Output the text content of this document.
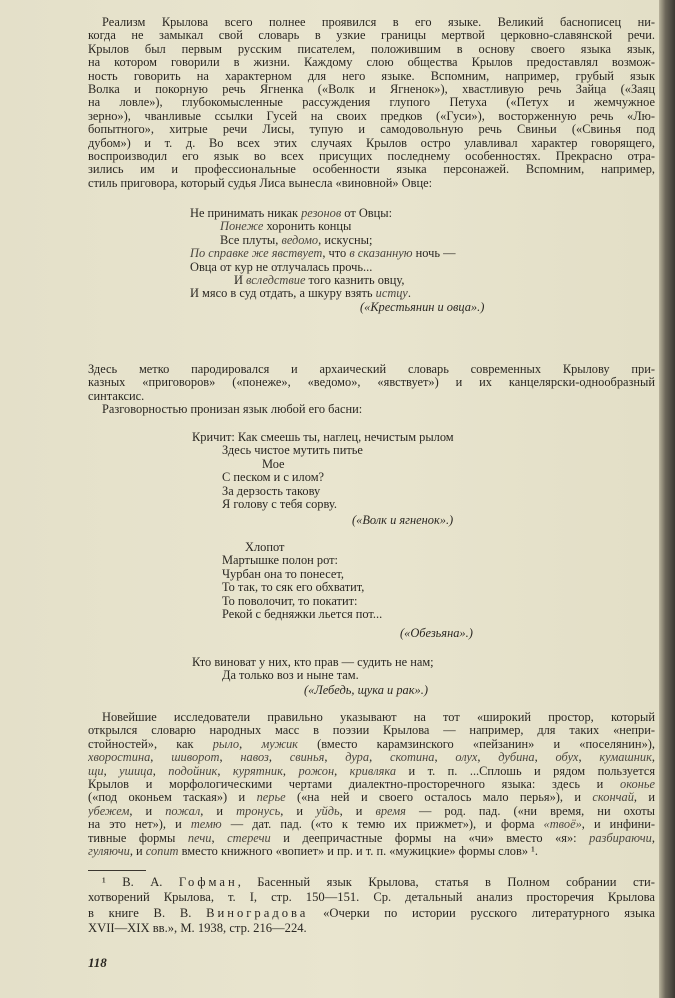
Реализм Крылова всего полнее проявился в его языке. Великий баснописец ни-
когда не замыкал свой словарь в узкие границы мертвой церковно-славянской речи.
Крылов был первым русским писателем, положившим в основу своего языка язык,
на котором говорили в жизни. Каждому слою общества Крылов предоставлял возмож-
ность говорить на характерном для него языке. Вспомним, например, грубый язык
Волка и покорную речь Ягненка («Волк и Ягненок»), хвастливую речь Зайца («Заяц
на ловле»), глубокомысленные рассуждения глупого Петуха («Петух и жемчужное
зерно»), чванливые ссылки Гусей на своих предков («Гуси»), восторженную речь «Лю-
бопытного», хитрые речи Лисы, тупую и самодовольную речь Свиньи («Свинья под
дубом») и т. д. Во всех этих случаях Крылов остро улавливал характер говорящего,
воспроизводил его язык во всех присущих последнему особенностях. Прекрасно отра-
зились им и профессиональные особенности языка персонажей. Вспомним, например,
стиль приговора, который судья Лиса вынесла «виновной» Овце:
Не принимать никак резонов от Овцы:
Понеже хоронить концы
Все плуты, ведомо, искусны;
По справке же явствует, что в сказанную ночь —
Овца от кур не отлучалась прочь...
И вследствие того казнить овцу,
И мясо в суд отдать, а шкуру взять истцу.
(«Крестьянин и овца».)
Здесь метко пародировался и архаический словарь современных Крылову при-
казных «приговоров» («понеже», «ведомо», «явствует») и их канцелярски-однообразный
синтаксис.
Разговорностью пронизан язык любой его басни:
Кричит: Как смеешь ты, наглец, нечистым рылом
Здесь чистое мутить питье
Мое
С песком и с илом?
За дерзость такову
Я голову с тебя сорву.
(«Волк и ягненок».)
Хлопот
Мартышке полон рот:
Чурбан она то понесет,
То так, то сяк его обхватит,
То поволочит, то покатит:
Рекой с бедняжки льется пот...
(«Обезьяна».)
Кто виноват у них, кто прав — судить не нам;
Да только воз и ныне там.
(«Лебедь, щука и рак».)
Новейшие исследователи правильно указывают на тот «широкий простор, который
открылся словарю народных масс в поэзии Крылова — например, для таких «непри-
стойностей», как рыло, мужик (вместо карамзинского «пейзанин» и «поселянин»),
хворостина, шиворот, навоз, свинья, дура, скотина, олух, дубина, обух, кумашник,
щи, ушица, подойник, курятник, рожон, кривляка и т. п. ...Сплошь и рядом пользуется
Крылов и морфологическими чертами диалектно-просторечного языка: здесь и оконье
(«под оконьем таская») и перье («на ней и своего осталось мало перья»), и скончай, и
убежем, и пожал, и тронусь, и уйдь, и время — род. пад. («ни время, ни охоты
на это нет»), и темю — дат. пад. («то к темю их прижмет»), и форма «твоё», и инфини-
тивные формы печи, стеречи и деепричастные формы на «чи» вместо «я»: разбираючи,
гуляючи, и сопит вместо книжного «вопиет» и пр. и т. п. «мужицкие» формы слов» ¹.
¹ В. А. Гофман, Басенный язык Крылова, статья в Полном собрании сти-
хотворений Крылова, т. I, стр. 150—151. Ср. детальный анализ просторечия Крылова
в книге В. В. Виноградова «Очерки по истории русского литературного языка
XVII—XIX вв.», М. 1938, стр. 216—224.
118
